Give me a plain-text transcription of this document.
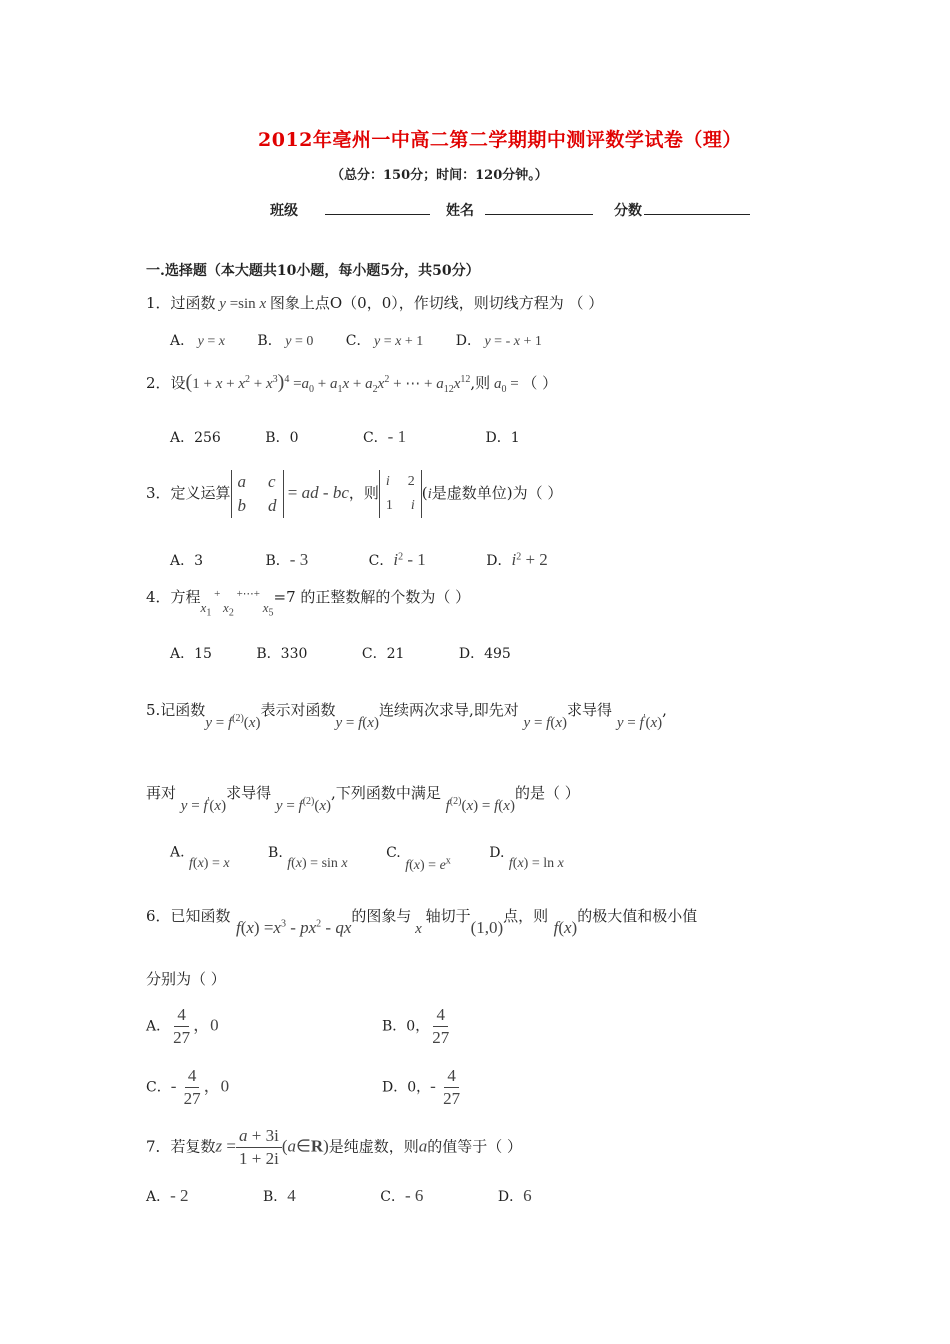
2012年亳州一中高二第二学期期中测评数学试卷（理）
（总分：150分；时间：120分钟。）
班级	姓名	分数
一.选择题（本大题共10小题，每小题5分，共50分）
1．过函数 y =sin x 图象上点O（0，0），作切线，则切线方程为 （ ）
A． y = x B． y = 0 C． y = x + 1 D． y = - x + 1
2．设$(1 + x + x^2 + x^3)^4 =a_0 + a_1x + a_2x^2$ + ⋯ + $a_{12}x^{12}$,则 $a_0$ = （ ）
A．256	B．0	C．- 1	D．1
3．定义运算
a c
b d
= ad - bc，则
i 2
1 i
(i是虚数单位)为（ ）
A．3	B．- 3	C．$i^2 - 1$	D．$i^2 + 2$
4．方程$x_1$ + $x_2$ +⋯+ $x_5=7$ 的正整数解的个数为（ ）
A．15	B．330	C．21	D．495
5.记函数$y = f^{(2)}(x)$表示对函数y = f(x)连续两次求导,即先对 y = f(x)求导得 y = f'(x),
再对 y = f'(x)求导得 $y = f^{(2)}(x)$,下列函数中满足 $f^{(2)}(x) = f(x)$的是（ ）
A. f(x) = x B. f(x) = sin x C. $f(x) = e^x$	D. f(x) = ln x
6．已知函数 $f(x) =x^3 - px^2$ - qx的图象与 x 轴切于(1,0)点，则 f(x)的极大值和极小值
分别为（ ）
A． $\frac{4}{27}$ ，0	B．0， $\frac{4}{27}$
C．- $\frac{4}{27}$ ，0	D．0，- $\frac{4}{27}$
7．若复数$z = \frac{a + 3i}{1 + 2i}$ (a∈R)是纯虚数，则a的值等于（ ）
A．- 2	B．4	C．- 6	D．6
